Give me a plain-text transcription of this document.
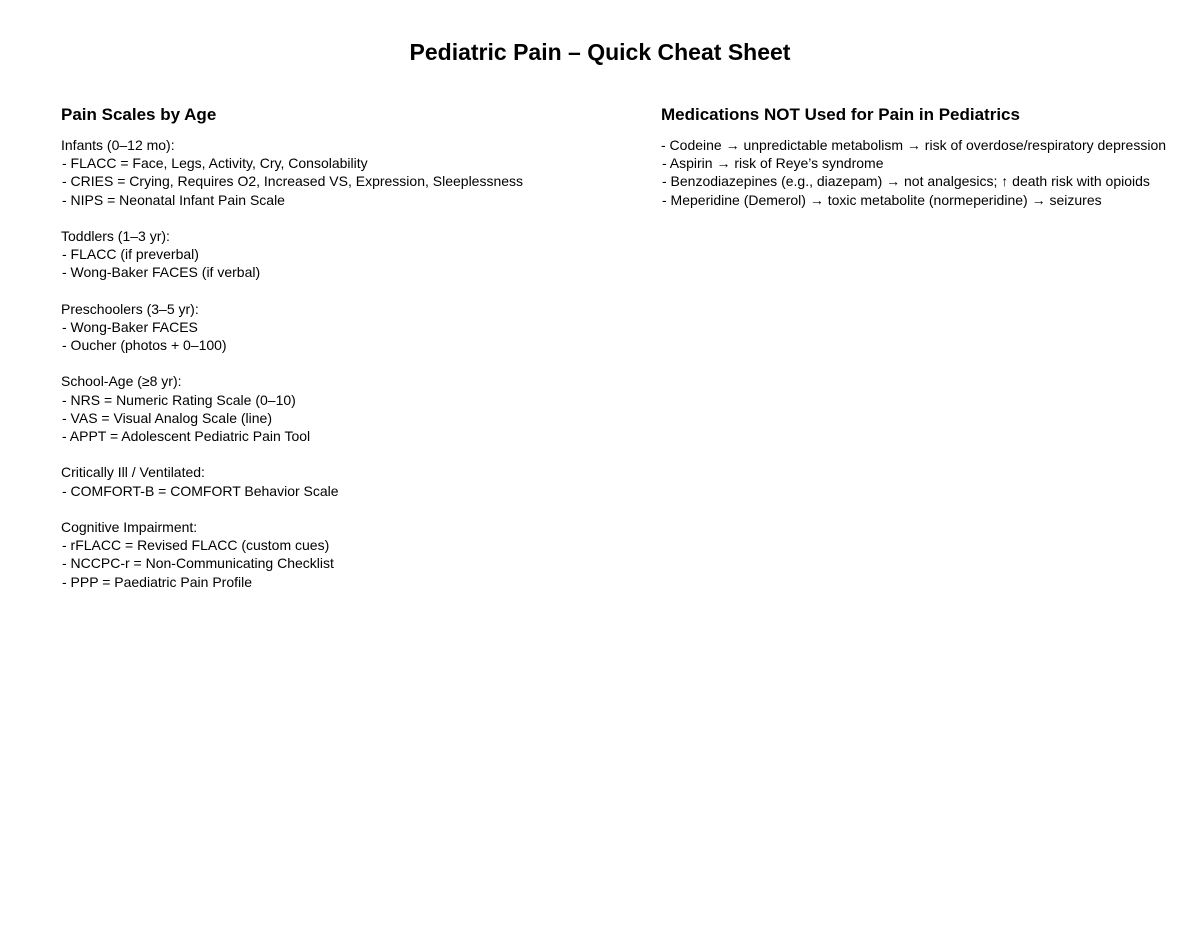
Pediatric Pain – Quick Cheat Sheet
Pain Scales by Age
Infants (0–12 mo):
- FLACC = Face, Legs, Activity, Cry, Consolability
- CRIES = Crying, Requires O2, Increased VS, Expression, Sleeplessness
- NIPS = Neonatal Infant Pain Scale
Toddlers (1–3 yr):
- FLACC (if preverbal)
- Wong-Baker FACES (if verbal)
Preschoolers (3–5 yr):
- Wong-Baker FACES
- Oucher (photos + 0–100)
School-Age (≥8 yr):
- NRS = Numeric Rating Scale (0–10)
- VAS = Visual Analog Scale (line)
- APPT = Adolescent Pediatric Pain Tool
Critically Ill / Ventilated:
- COMFORT-B = COMFORT Behavior Scale
Cognitive Impairment:
- rFLACC = Revised FLACC (custom cues)
- NCCPC-r = Non-Communicating Checklist
- PPP = Paediatric Pain Profile
Medications NOT Used for Pain in Pediatrics
- Codeine → unpredictable metabolism → risk of overdose/respiratory depression
- Aspirin → risk of Reye’s syndrome
- Benzodiazepines (e.g., diazepam) → not analgesics; ↑ death risk with opioids
- Meperidine (Demerol) → toxic metabolite (normeperidine) → seizures
